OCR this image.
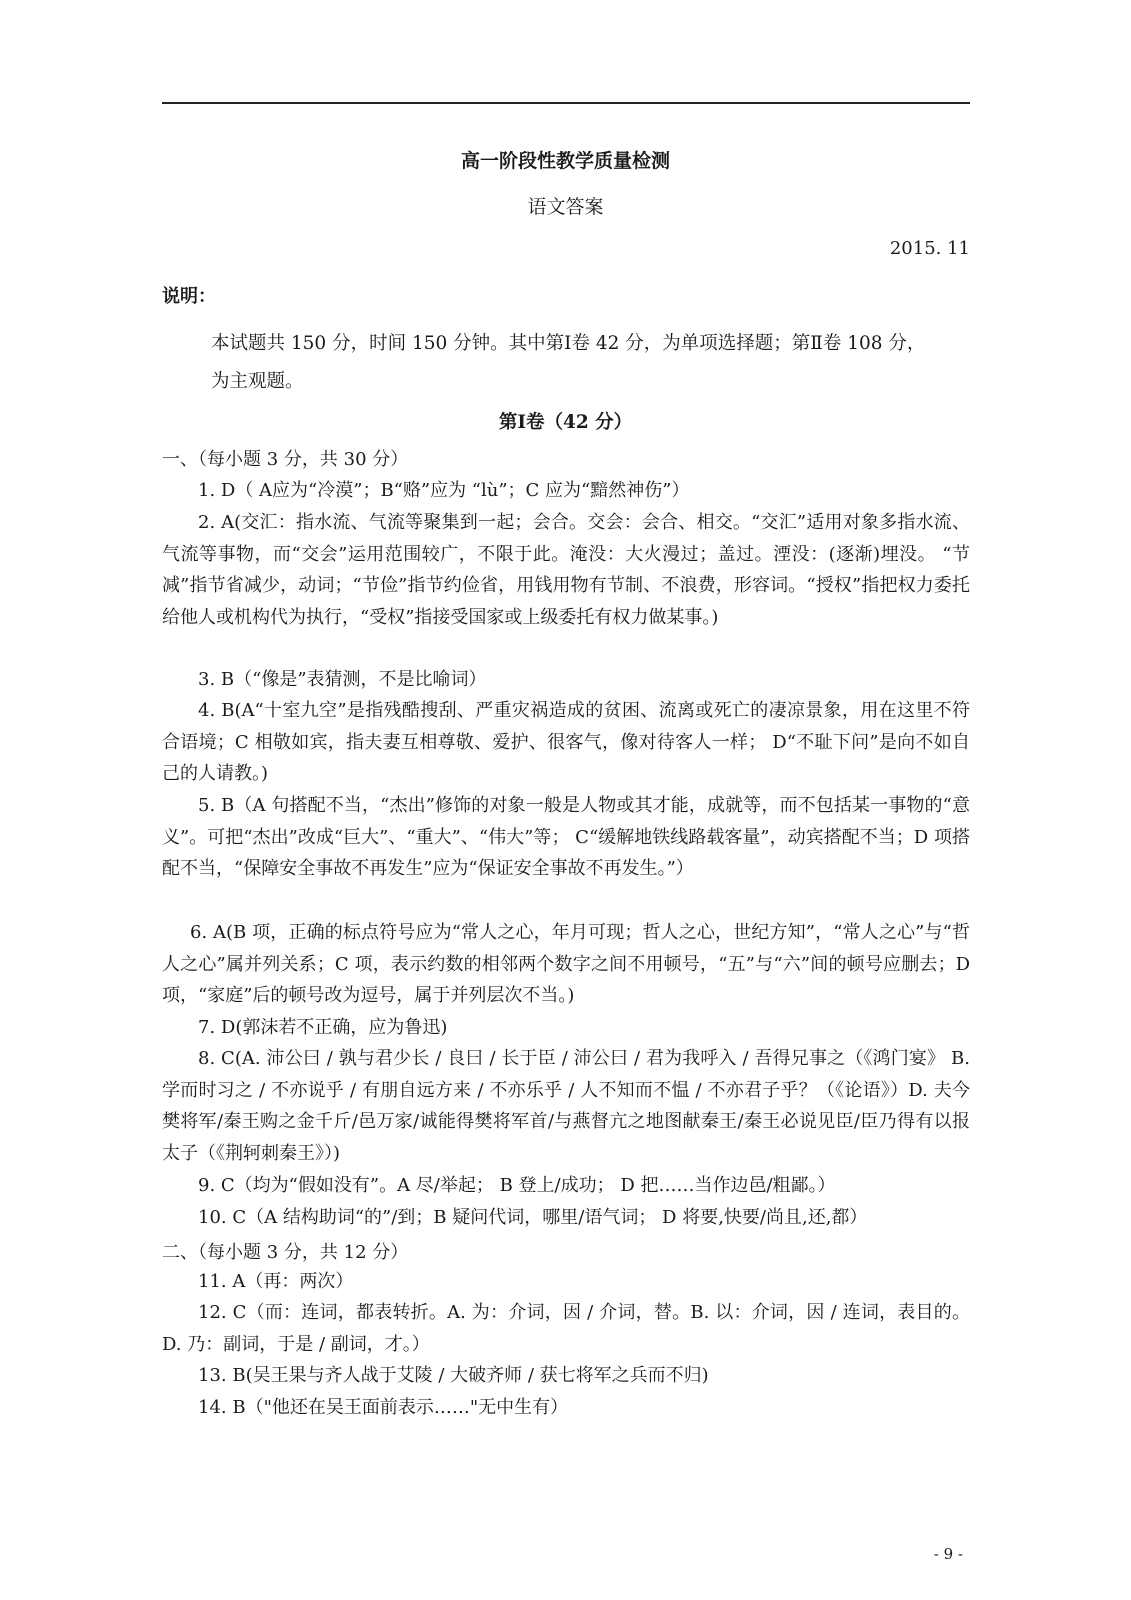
高一阶段性教学质量检测
语文答案
2015. 11
说明：
本试题共 150 分，时间 150 分钟。其中第Ⅰ卷 42 分，为单项选择题；第Ⅱ卷 108 分，
为主观题。
第Ⅰ卷（42 分）
一、（每小题 3 分，共 30 分）
1. D（ A应为“冷漠”；B“赂”应为 “lù”；C 应为“黯然神伤”）
2. A(交汇：指水流、气流等聚集到一起；会合。交会：会合、相交。“交汇”适用对象多指水流、气流等事物，而“交会”运用范围较广，不限于此。淹没：大火漫过；盖过。湮没：(逐渐)埋没。 “节减”指节省减少，动词；“节俭”指节约俭省，用钱用物有节制、不浪费，形容词。“授权”指把权力委托给他人或机构代为执行，“受权”指接受国家或上级委托有权力做某事。)
3. B（“像是”表猜测，不是比喻词）
4. B(A“十室九空”是指残酷搜刮、严重灾祸造成的贫困、流离或死亡的凄凉景象，用在这里不符合语境；C 相敬如宾，指夫妻互相尊敬、爱护、很客气，像对待客人一样； D“不耻下问”是向不如自己的人请教。)
5. B（A 句搭配不当，“杰出”修饰的对象一般是人物或其才能，成就等，而不包括某一事物的“意义”。可把“杰出”改成“巨大”、“重大”、“伟大”等； C“缓解地铁线路载客量”，动宾搭配不当；D 项搭配不当，“保障安全事故不再发生”应为“保证安全事故不再发生。”）
6. A(B 项，正确的标点符号应为“常人之心，年月可现；哲人之心，世纪方知”，“常人之心”与“哲人之心”属并列关系；C 项，表示约数的相邻两个数字之间不用顿号，“五”与“六”间的顿号应删去；D 项，“家庭”后的顿号改为逗号，属于并列层次不当。)
7. D(郭沫若不正确，应为鲁迅)
8. C(A. 沛公曰 / 孰与君少长 / 良曰 / 长于臣 / 沛公曰 / 君为我呼入 / 吾得兄事之（《鸿门宴》 B. 学而时习之 / 不亦说乎 / 有朋自远方来 / 不亦乐乎 / 人不知而不愠 / 不亦君子乎？（《论语》）D. 夫今樊将军/秦王购之金千斤/邑万家/诚能得樊将军首/与燕督亢之地图献秦王/秦王必说见臣/臣乃得有以报太子（《荆轲刺秦王》）)
9. C（均为“假如没有”。A 尽/举起； B 登上/成功； D 把……当作边邑/粗鄙。）
10. C（A 结构助词“的”/到；B 疑问代词，哪里/语气词； D 将要,快要/尚且,还,都）
二、（每小题 3 分，共 12 分）
11. A（再：两次）
12. C（而：连词，都表转折。A. 为：介词，因 / 介词，替。B. 以：介词，因 / 连词，表目的。D. 乃：副词，于是 / 副词，才。）
13. B(吴王果与齐人战于艾陵 / 大破齐师 / 获七将军之兵而不归)
14. B（"他还在吴王面前表示……"无中生有）
- 9 -
